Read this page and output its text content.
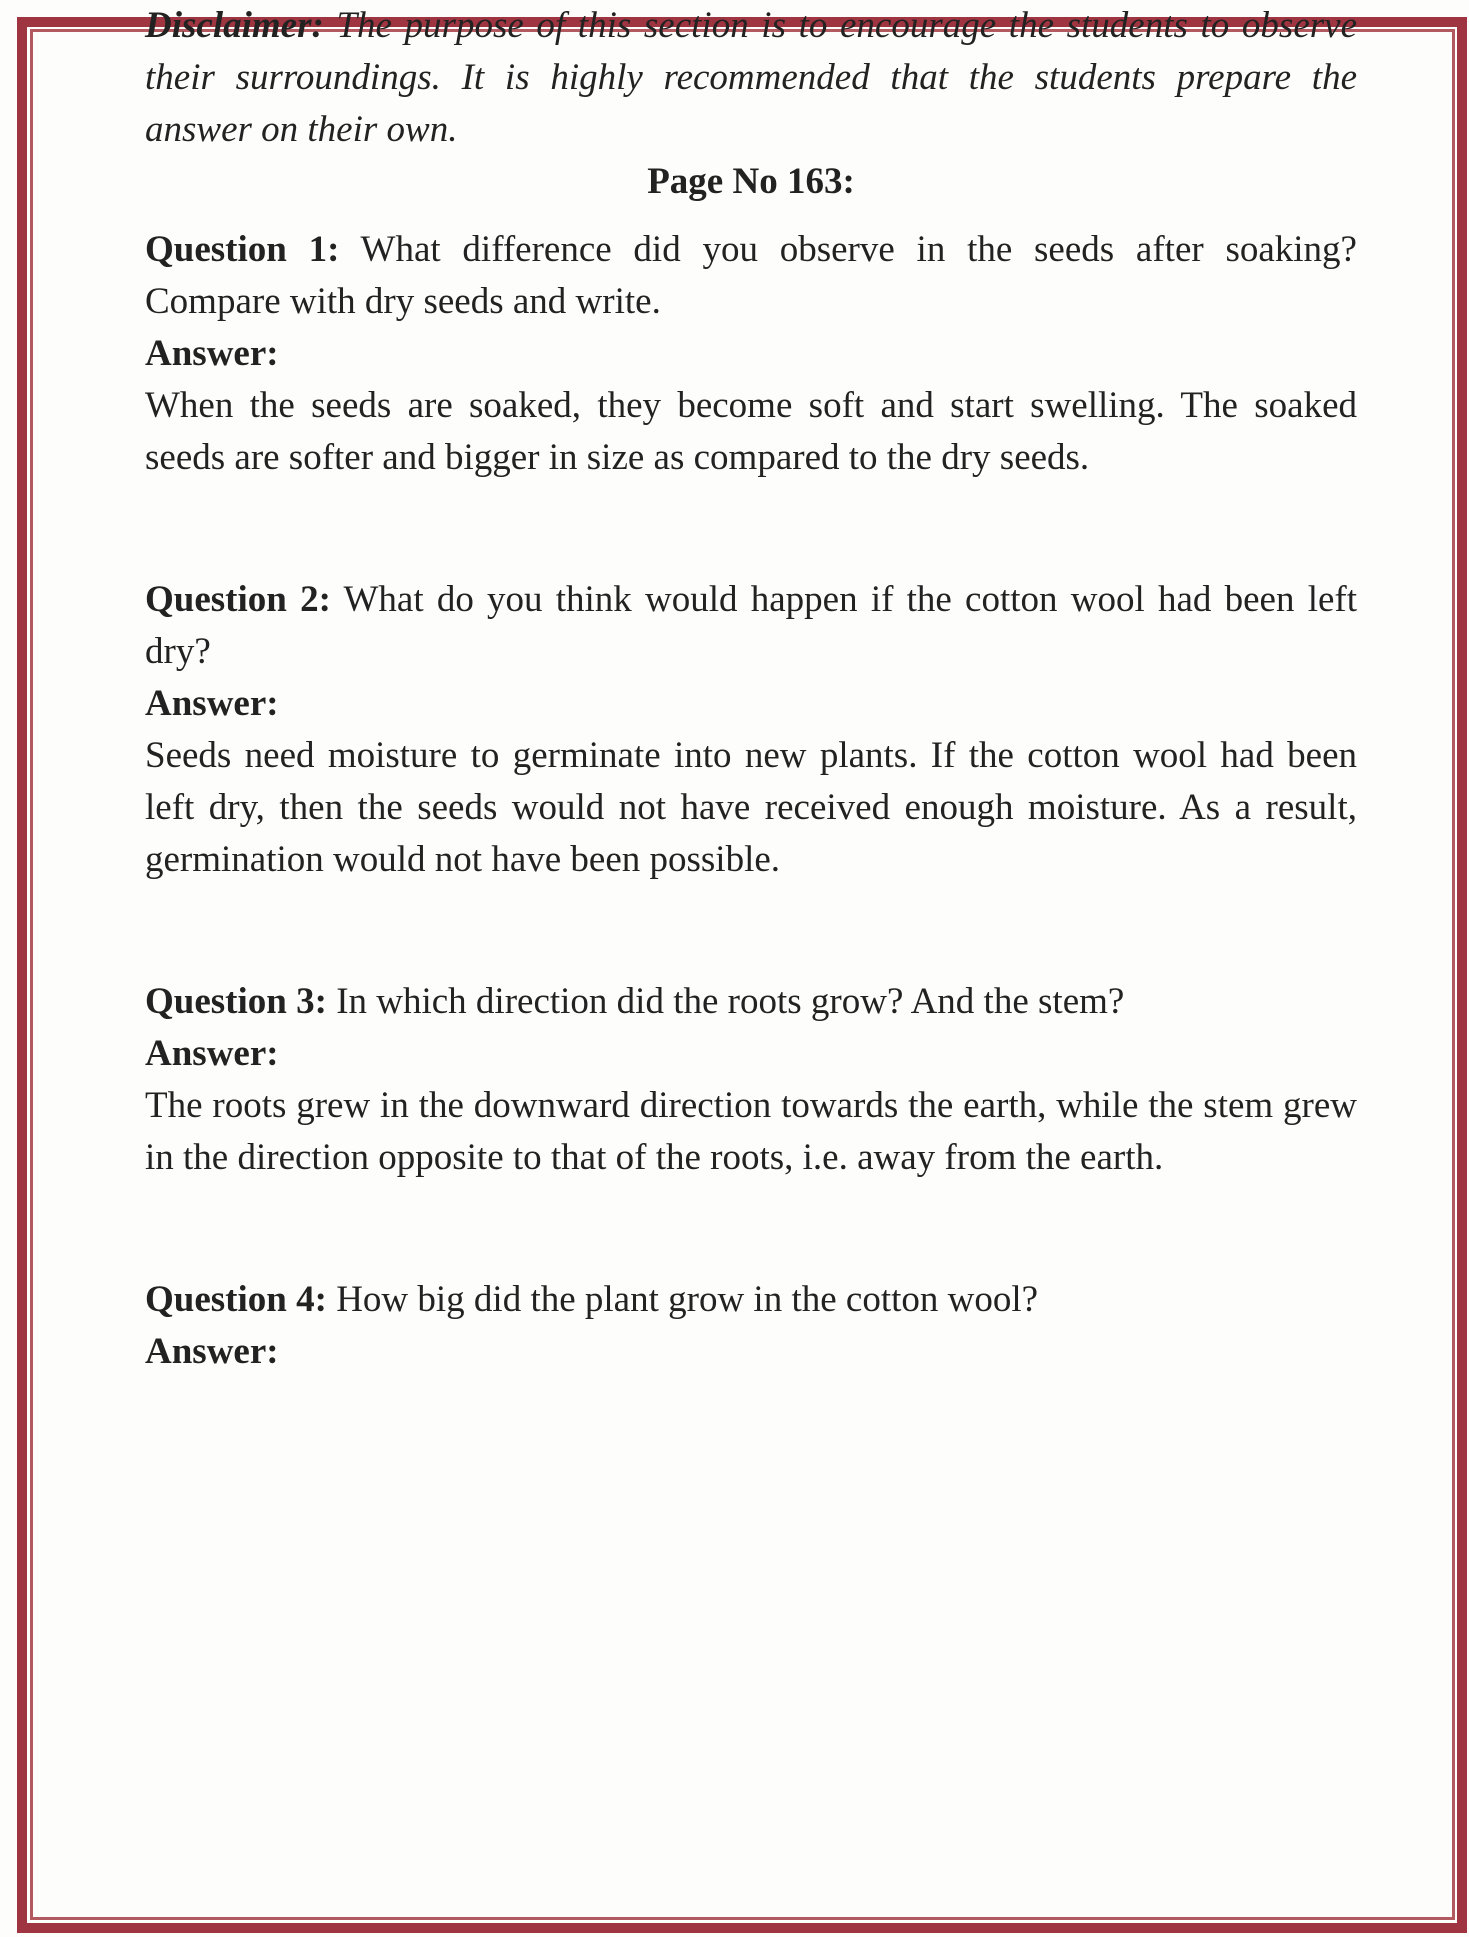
Disclaimer: The purpose of this section is to encourage the students to observe their surroundings. It is highly recommended that the students prepare the answer on their own.

Page No 163:

Question 1: What difference did you observe in the seeds after soaking? Compare with dry seeds and write.

Answer:

When the seeds are soaked, they become soft and start swelling. The soaked seeds are softer and bigger in size as compared to the dry seeds.

Question 2: What do you think would happen if the cotton wool had been left dry?

Answer:

Seeds need moisture to germinate into new plants. If the cotton wool had been left dry, then the seeds would not have received enough moisture. As a result, germination would not have been possible.

Question 3: In which direction did the roots grow? And the stem?

Answer:

The roots grew in the downward direction towards the earth, while the stem grew in the direction opposite to that of the roots, i.e. away from the earth.

Question 4: How big did the plant grow in the cotton wool?

Answer:
